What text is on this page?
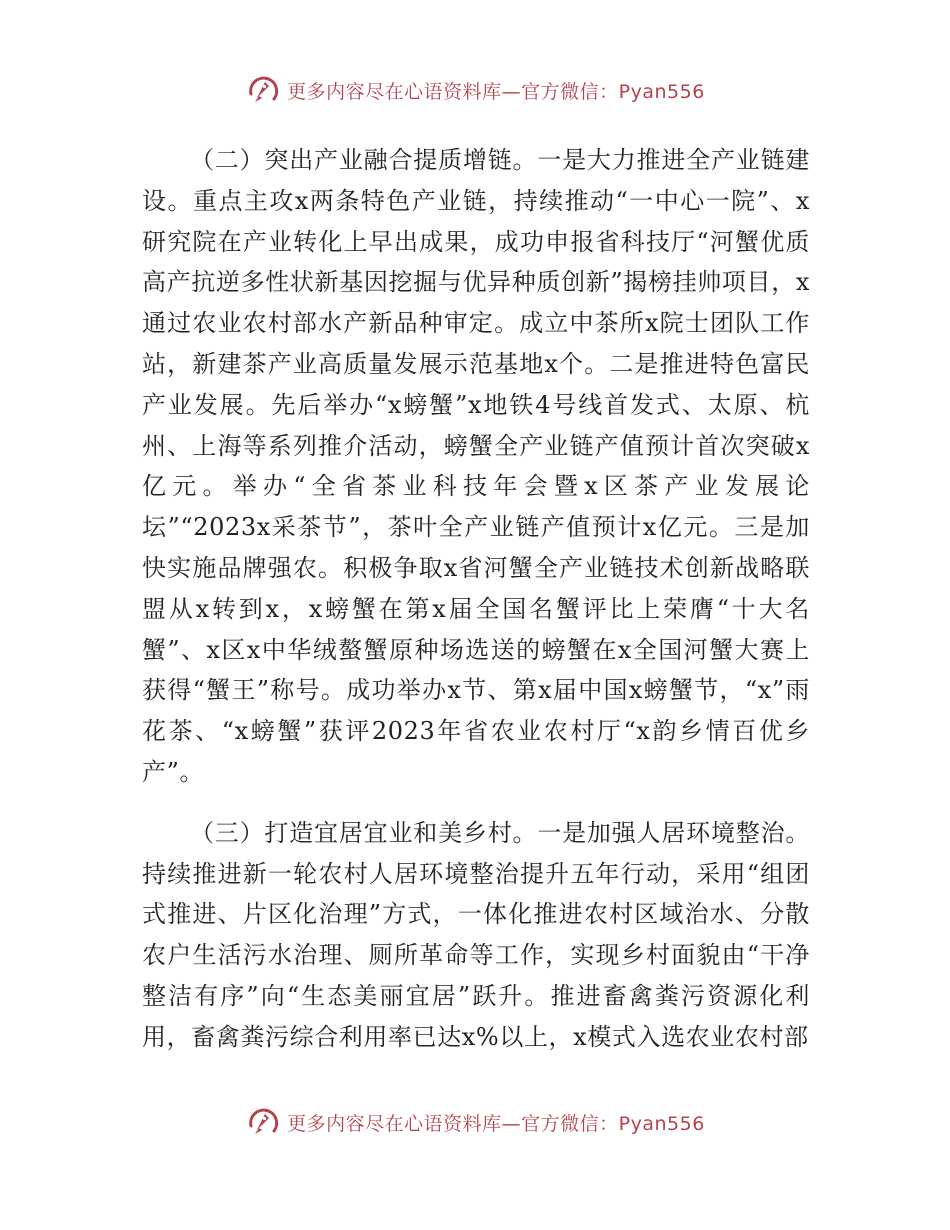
更多内容尽在心语资料库—官方微信：Pyan556

（二）突出产业融合提质增链。一是大力推进全产业链建设。重点主攻x两条特色产业链，持续推动“一中心一院”、x研究院在产业转化上早出成果，成功申报省科技厅“河蟹优质高产抗逆多性状新基因挖掘与优异种质创新”揭榜挂帅项目，x通过农业农村部水产新品种审定。成立中茶所x院士团队工作站，新建茶产业高质量发展示范基地x个。二是推进特色富民产业发展。先后举办“x螃蟹”x地铁4号线首发式、太原、杭州、上海等系列推介活动，螃蟹全产业链产值预计首次突破x亿元。举办“全省茶业科技年会暨x区茶产业发展论坛”“2023x采茶节”，茶叶全产业链产值预计x亿元。三是加快实施品牌强农。积极争取x省河蟹全产业链技术创新战略联盟从x转到x，x螃蟹在第x届全国名蟹评比上荣膺“十大名蟹”、x区x中华绒螯蟹原种场选送的螃蟹在x全国河蟹大赛上获得“蟹王”称号。成功举办x节、第x届中国x螃蟹节，“x”雨花茶、“x螃蟹”获评2023年省农业农村厅“x韵乡情百优乡产”。

（三）打造宜居宜业和美乡村。一是加强人居环境整治。持续推进新一轮农村人居环境整治提升五年行动，采用“组团式推进、片区化治理”方式，一体化推进农村区域治水、分散农户生活污水治理、厕所革命等工作，实现乡村面貌由“干净整洁有序”向“生态美丽宜居”跃升。推进畜禽粪污资源化利用，畜禽粪污综合利用率已达x%以上，x模式入选农业农村部

更多内容尽在心语资料库—官方微信：Pyan556
